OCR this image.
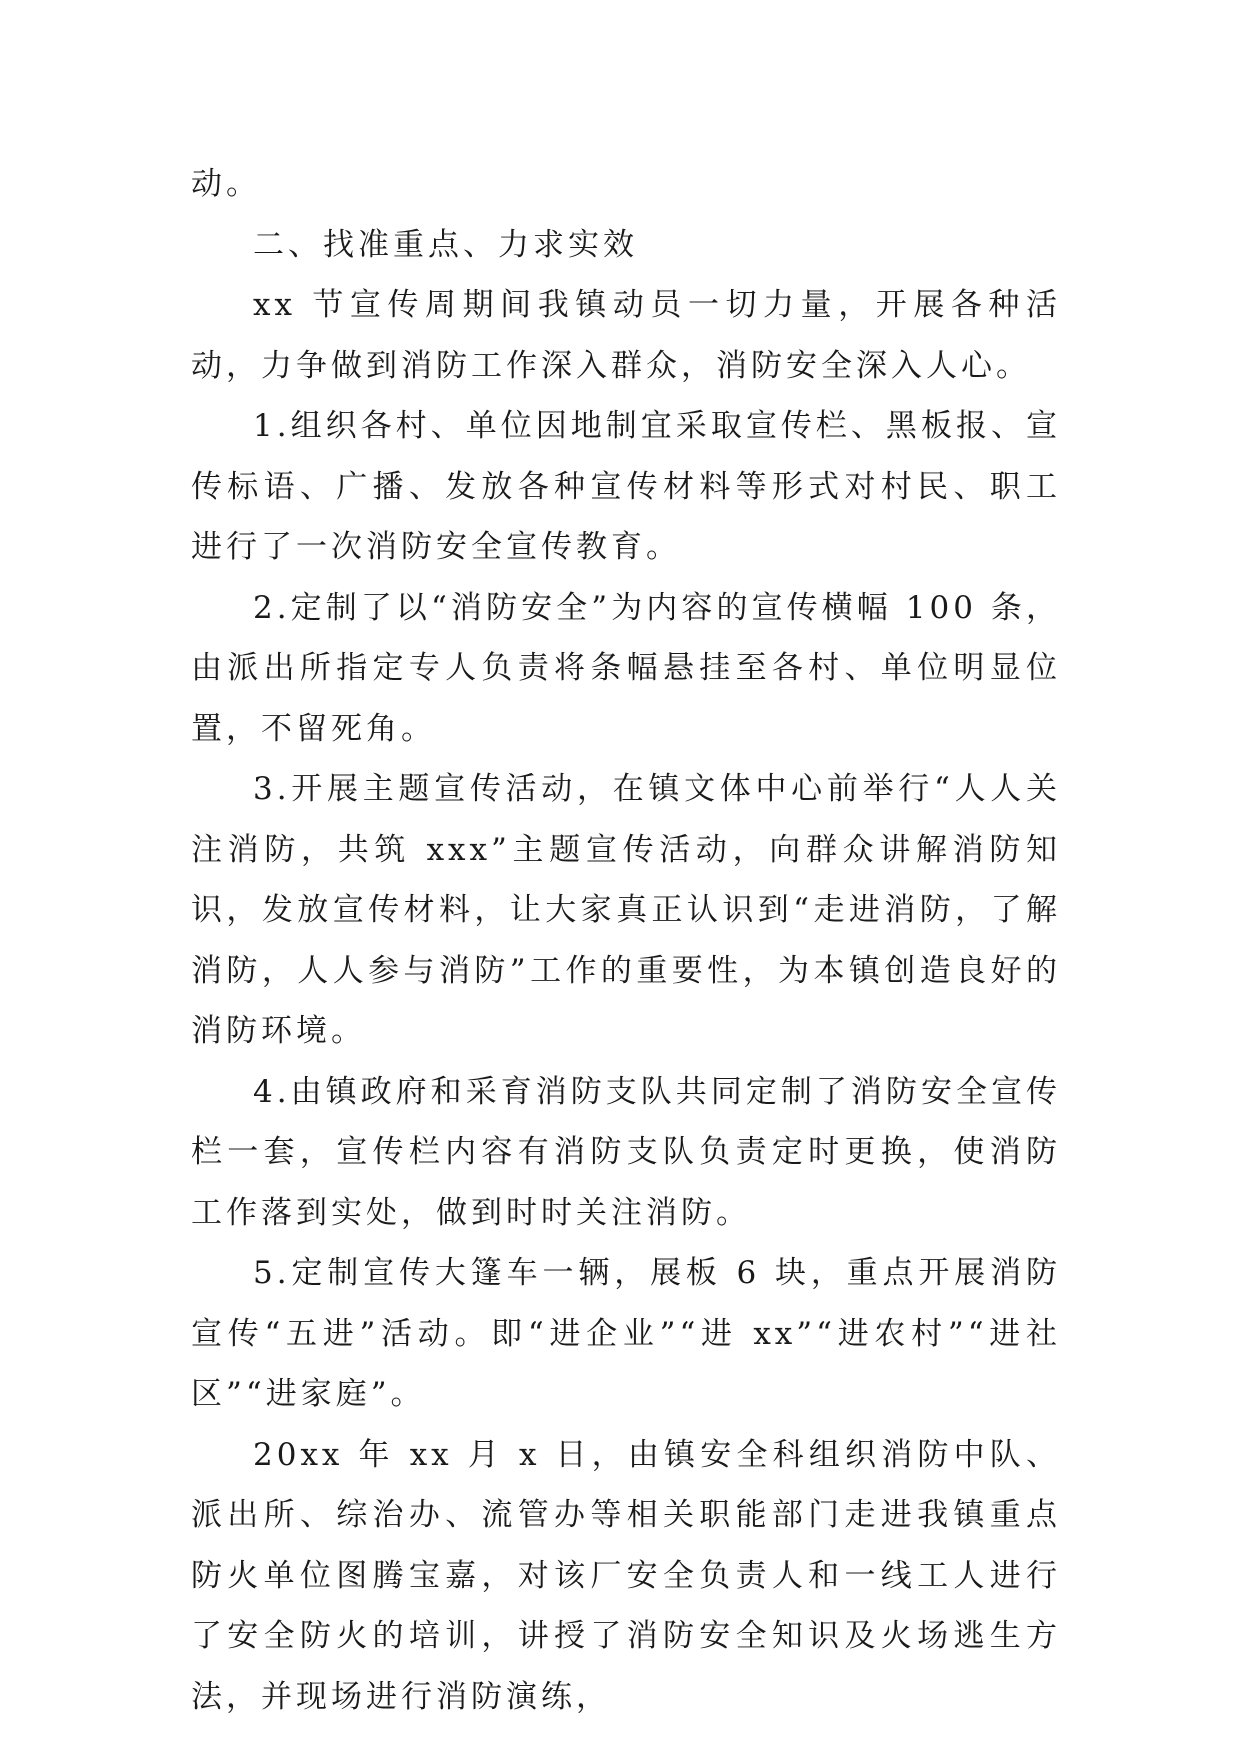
动。

二、找准重点、力求实效

xx 节宣传周期间我镇动员一切力量，开展各种活动，力争做到消防工作深入群众，消防安全深入人心。

1.组织各村、单位因地制宜采取宣传栏、黑板报、宣传标语、广播、发放各种宣传材料等形式对村民、职工进行了一次消防安全宣传教育。

2.定制了以“消防安全”为内容的宣传横幅 100 条，由派出所指定专人负责将条幅悬挂至各村、单位明显位置，不留死角。

3.开展主题宣传活动，在镇文体中心前举行“人人关注消防，共筑 xxx”主题宣传活动，向群众讲解消防知识，发放宣传材料，让大家真正认识到“走进消防，了解消防，人人参与消防”工作的重要性，为本镇创造良好的消防环境。

4.由镇政府和采育消防支队共同定制了消防安全宣传栏一套，宣传栏内容有消防支队负责定时更换，使消防工作落到实处，做到时时关注消防。

5.定制宣传大篷车一辆，展板 6 块，重点开展消防宣传“五进”活动。即“进企业”“进 xx”“进农村”“进社区”“进家庭”。

20xx 年 xx 月 x 日，由镇安全科组织消防中队、派出所、综治办、流管办等相关职能部门走进我镇重点防火单位图腾宝嘉，对该厂安全负责人和一线工人进行了安全防火的培训，讲授了消防安全知识及火场逃生方法，并现场进行消防演练，
